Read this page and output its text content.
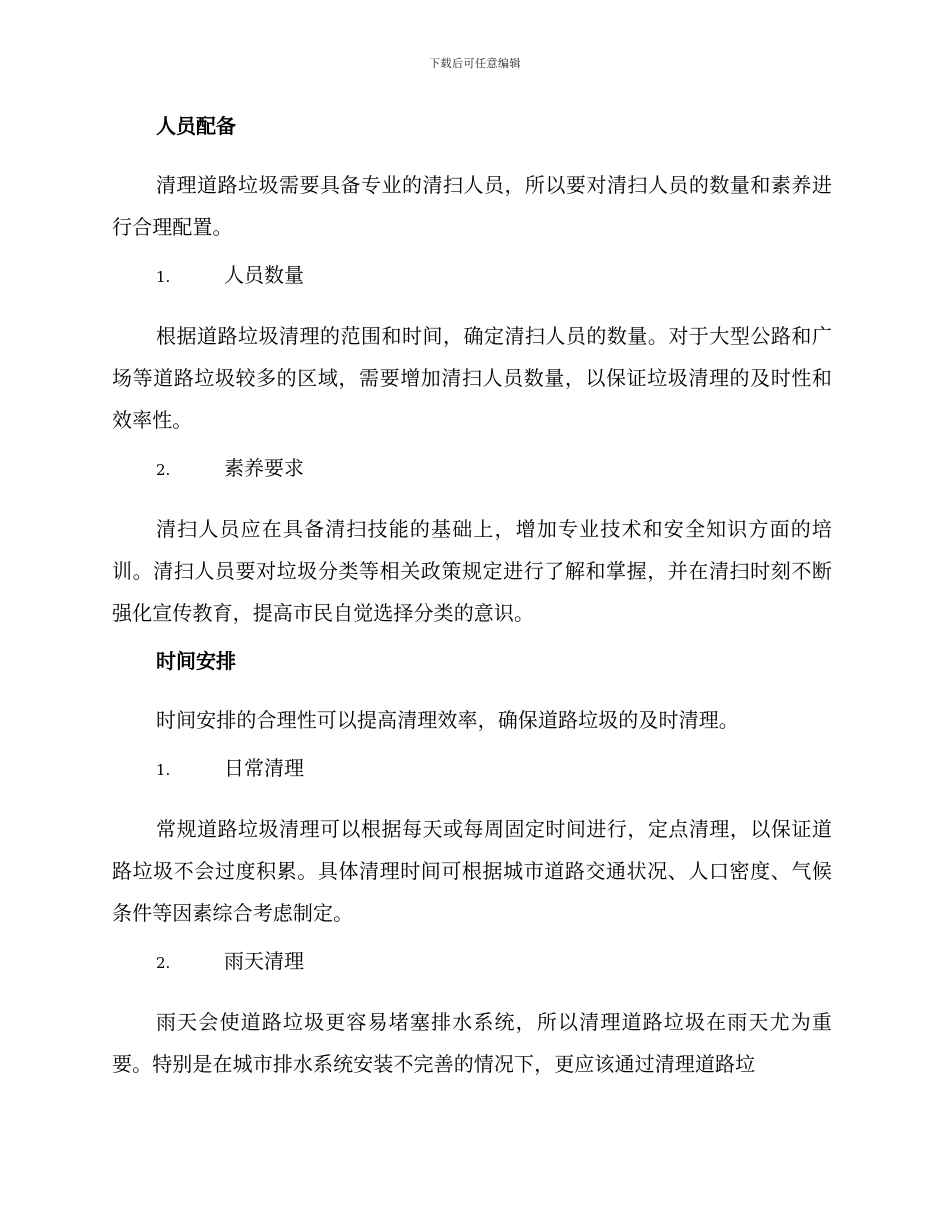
下载后可任意编辑
人员配备

清理道路垃圾需要具备专业的清扫人员，所以要对清扫人员的数量和素养进行合理配置。

1.	人员数量

根据道路垃圾清理的范围和时间，确定清扫人员的数量。对于大型公路和广场等道路垃圾较多的区域，需要增加清扫人员数量，以保证垃圾清理的及时性和效率性。

2.	素养要求

清扫人员应在具备清扫技能的基础上，增加专业技术和安全知识方面的培训。清扫人员要对垃圾分类等相关政策规定进行了解和掌握，并在清扫时刻不断强化宣传教育，提高市民自觉选择分类的意识。

时间安排

时间安排的合理性可以提高清理效率，确保道路垃圾的及时清理。

1.	日常清理

常规道路垃圾清理可以根据每天或每周固定时间进行，定点清理，以保证道路垃圾不会过度积累。具体清理时间可根据城市道路交通状况、人口密度、气候条件等因素综合考虑制定。

2.	雨天清理

雨天会使道路垃圾更容易堵塞排水系统，所以清理道路垃圾在雨天尤为重要。特别是在城市排水系统安装不完善的情况下，更应该通过清理道路垃
